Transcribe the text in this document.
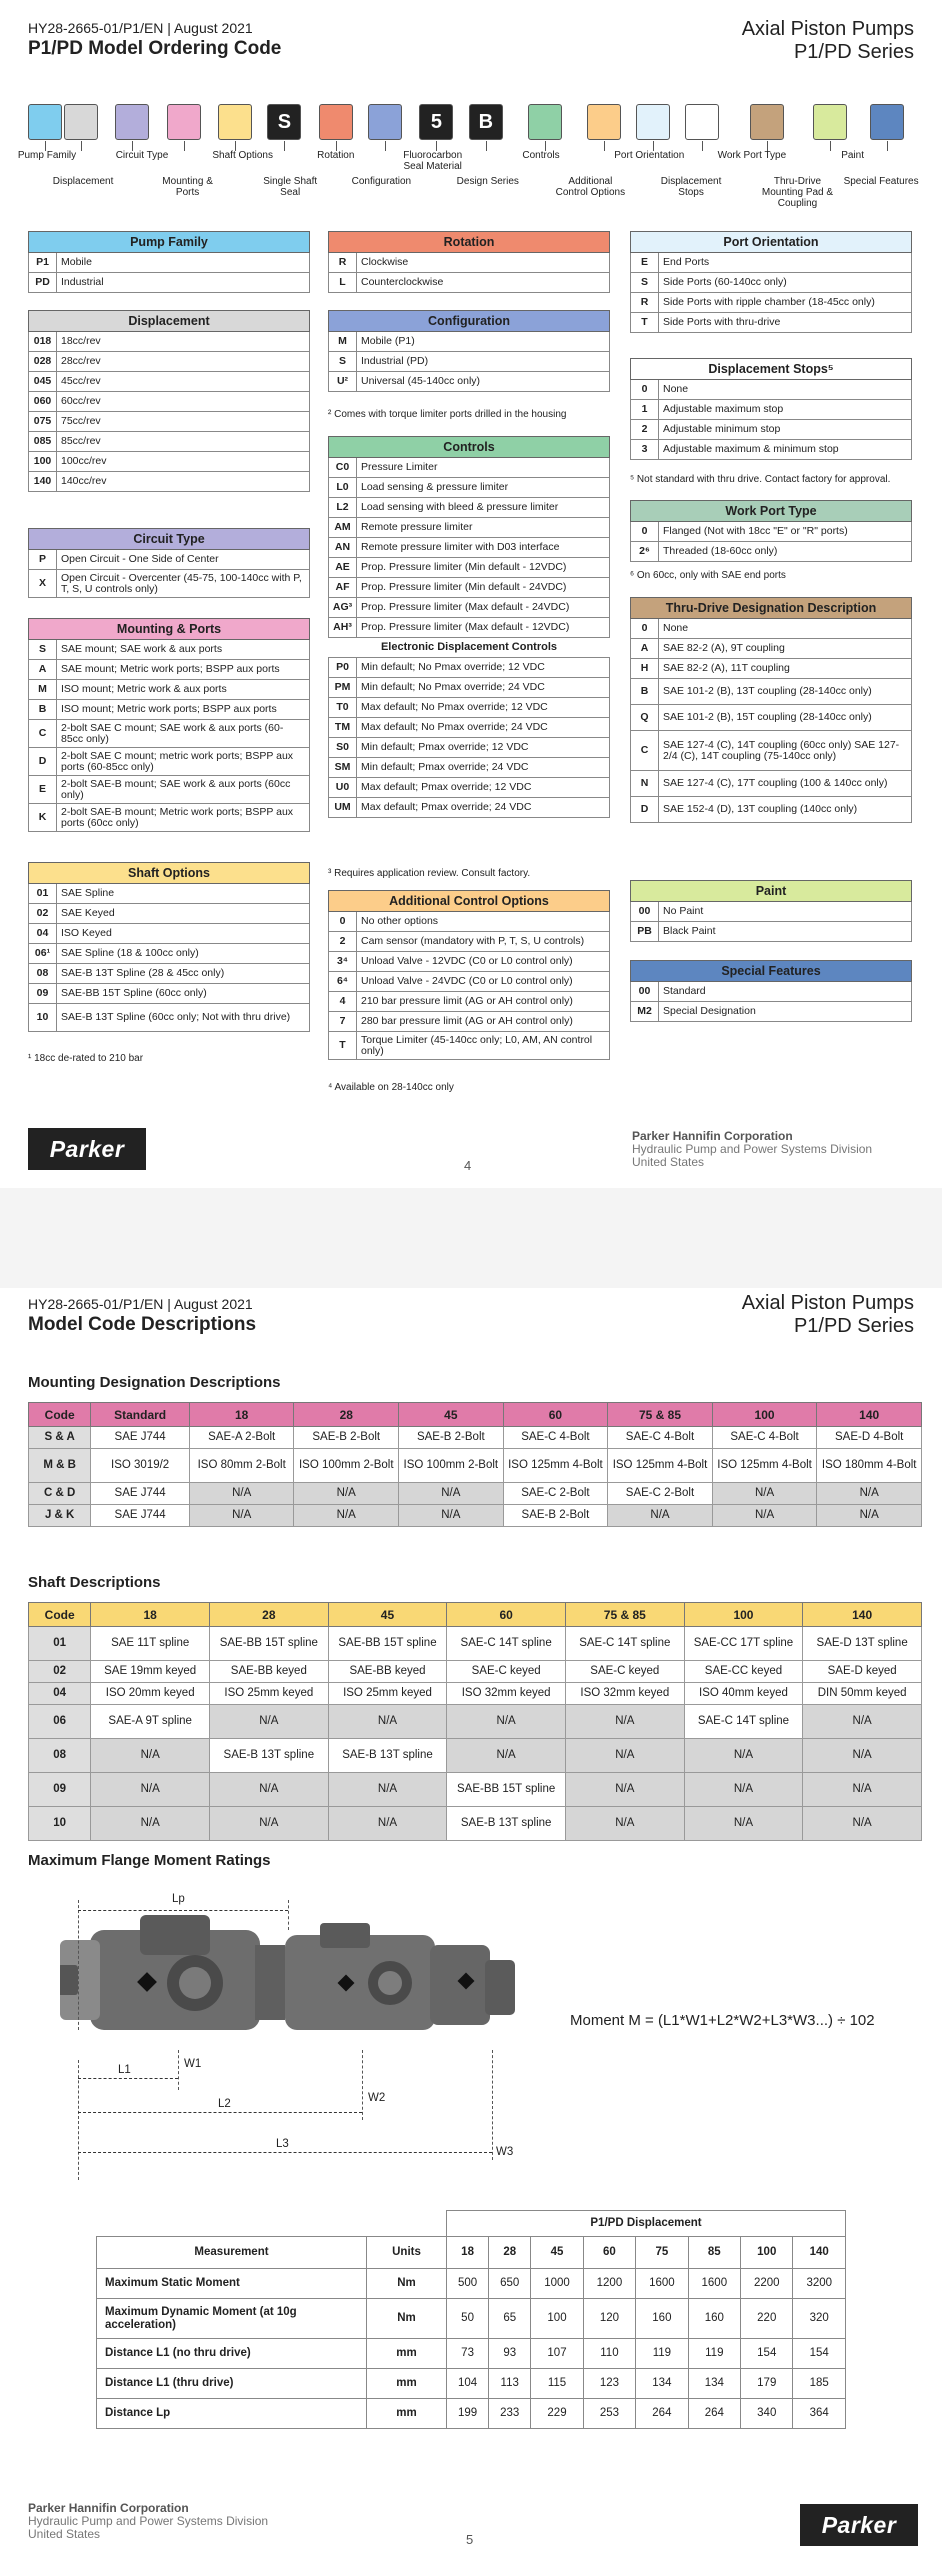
HY28-2665-01/P1/EN | August 2021
P1/PD Model Ordering Code
Axial Piston Pumps
P1/PD Series
S	5	B
Pump Family
Displacement
Circuit Type
Mounting & Ports
Shaft Options
Single Shaft Seal
Rotation
Configuration
Fluorocarbon Seal Material
Design Series
Controls
Additional Control Options
Port Orientation
Displacement Stops
Work Port Type
Thru-Drive Mounting Pad & Coupling
Paint
Special Features
Pump Family	
P1	Mobile
PD	Industrial
Displacement	
018	18cc/rev
028	28cc/rev
045	45cc/rev
060	60cc/rev
075	75cc/rev
085	85cc/rev
100	100cc/rev
140	140cc/rev
Circuit Type	
P	Open Circuit - One Side of Center
X	Open Circuit - Overcenter (45-75, 100-140cc with P, T, S, U controls only)
Mounting & Ports	
S	SAE mount; SAE work & aux ports
A	SAE mount; Metric work ports; BSPP aux ports
M	ISO mount; Metric work & aux ports
B	ISO mount; Metric work ports; BSPP aux ports
C	2-bolt SAE C mount; SAE work & aux ports (60-85cc only)
D	2-bolt SAE C mount; metric work ports; BSPP aux ports (60-85cc only)
E	2-bolt SAE-B mount; SAE work & aux ports (60cc only)
K	2-bolt SAE-B mount; Metric work ports; BSPP aux ports (60cc only)
Shaft Options	
01	SAE Spline
02	SAE Keyed
04	ISO Keyed
06¹	SAE Spline (18 & 100cc only)
08	SAE-B 13T Spline (28 & 45cc only)
09	SAE-BB 15T Spline (60cc only)
10	SAE-B 13T Spline (60cc only; Not with thru drive)
¹ 18cc de-rated to 210 bar
Rotation	
R	Clockwise
L	Counterclockwise
Configuration	
M	Mobile (P1)
S	Industrial (PD)
U²	Universal (45-140cc only)
² Comes with torque limiter ports drilled in the housing
Controls	
C0	Pressure Limiter
L0	Load sensing & pressure limiter
L2	Load sensing with bleed & pressure limiter
AM	Remote pressure limiter
AN	Remote pressure limiter with D03 interface
AE	Prop. Pressure limiter (Min default - 12VDC)
AF	Prop. Pressure limiter (Min default - 24VDC)
AG³	Prop. Pressure limiter (Max default - 24VDC)
AH³	Prop. Pressure limiter (Max default - 12VDC)
Electronic Displacement Controls	
P0	Min default; No Pmax override; 12 VDC
PM	Min default; No Pmax override; 24 VDC
T0	Max default; No Pmax override; 12 VDC
TM	Max default; No Pmax override; 24 VDC
S0	Min default; Pmax override; 12 VDC
SM	Min default; Pmax override; 24 VDC
U0	Max default; Pmax override; 12 VDC
UM	Max default; Pmax override; 24 VDC
³ Requires application review. Consult factory.
Additional Control Options	
0	No other options
2	Cam sensor (mandatory with P, T, S, U controls)
3⁴	Unload Valve - 12VDC (C0 or L0 control only)
6⁴	Unload Valve - 24VDC (C0 or L0 control only)
4	210 bar pressure limit (AG or AH control only)
7	280 bar pressure limit (AG or AH control only)
T	Torque Limiter (45-140cc only; L0, AM, AN control only)
⁴ Available on 28-140cc only
Port Orientation	
E	End Ports
S	Side Ports (60-140cc only)
R	Side Ports with ripple chamber (18-45cc only)
T	Side Ports with thru-drive
Displacement Stops⁵	
0	None
1	Adjustable maximum stop
2	Adjustable minimum stop
3	Adjustable maximum & minimum stop
⁵ Not standard with thru drive. Contact factory for approval.
Work Port Type	
0	Flanged (Not with 18cc "E" or "R" ports)
2⁶	Threaded (18-60cc only)
⁶ On 60cc, only with SAE end ports
Thru-Drive Designation Description	
0	None
A	SAE 82-2 (A), 9T coupling
H	SAE 82-2 (A), 11T coupling
B	SAE 101-2 (B), 13T coupling (28-140cc only)
Q	SAE 101-2 (B), 15T coupling (28-140cc only)
C	SAE 127-4 (C), 14T coupling (60cc only) SAE 127-2/4 (C), 14T coupling (75-140cc only)
N	SAE 127-4 (C), 17T coupling (100 & 140cc only)
D	SAE 152-4 (D), 13T coupling (140cc only)
Paint	
00	No Paint
PB	Black Paint
Special Features	
00	Standard
M2	Special Designation
4
Parker	Parker Hannifin Corporation
Hydraulic Pump and Power Systems Division
United States
HY28-2665-01/P1/EN | August 2021
Model Code Descriptions
Axial Piston Pumps
P1/PD Series
Mounting Designation Descriptions
Code	Standard	18	28	45	60	75 & 85	100	140
S & A	SAE J744	SAE-A 2-Bolt	SAE-B 2-Bolt	SAE-B 2-Bolt	SAE-C 4-Bolt	SAE-C 4-Bolt	SAE-C 4-Bolt	SAE-D 4-Bolt
M & B	ISO 3019/2	ISO 80mm 2-Bolt	ISO 100mm 2-Bolt	ISO 100mm 2-Bolt	ISO 125mm 4-Bolt	ISO 125mm 4-Bolt	ISO 125mm 4-Bolt	ISO 180mm 4-Bolt
C & D	SAE J744	N/A	N/A	N/A	SAE-C 2-Bolt	SAE-C 2-Bolt	N/A	N/A
J & K	SAE J744	N/A	N/A	N/A	SAE-B 2-Bolt	N/A	N/A	N/A
Shaft Descriptions
Code	18	28	45	60	75 & 85	100	140
01	SAE 11T spline	SAE-BB 15T spline	SAE-BB 15T spline	SAE-C 14T spline	SAE-C 14T spline	SAE-CC 17T spline	SAE-D 13T spline
02	SAE 19mm keyed	SAE-BB keyed	SAE-BB keyed	SAE-C keyed	SAE-C keyed	SAE-CC keyed	SAE-D keyed
04	ISO 20mm keyed	ISO 25mm keyed	ISO 25mm keyed	ISO 32mm keyed	ISO 32mm keyed	ISO 40mm keyed	DIN 50mm keyed
06	SAE-A 9T spline	N/A	N/A	N/A	N/A	SAE-C 14T spline	N/A
08	N/A	SAE-B 13T spline	SAE-B 13T spline	N/A	N/A	N/A	N/A
09	N/A	N/A	N/A	SAE-BB 15T spline	N/A	N/A	N/A
10	N/A	N/A	N/A	SAE-B 13T spline	N/A	N/A	N/A
Maximum Flange Moment Ratings
Lp
L1	W1
L2	W2
L3
W3
Moment M = (L1*W1+L2*W2+L3*W3...) ÷ 102
		P1/PD Displacement							
Measurement	Units	18	28	45	60	75	85	100	140
Maximum Static Moment	Nm	500	650	1000	1200	1600	1600	2200	3200
Maximum Dynamic Moment (at 10g acceleration)	Nm	50	65	100	120	160	160	220	320
Distance L1 (no thru drive)	mm	73	93	107	110	119	119	154	154
Distance L1 (thru drive)	mm	104	113	115	123	134	134	179	185
Distance Lp	mm	199	233	229	253	264	264	340	364
Parker Hannifin Corporation
Hydraulic Pump and Power Systems Division
United States	5
Parker
